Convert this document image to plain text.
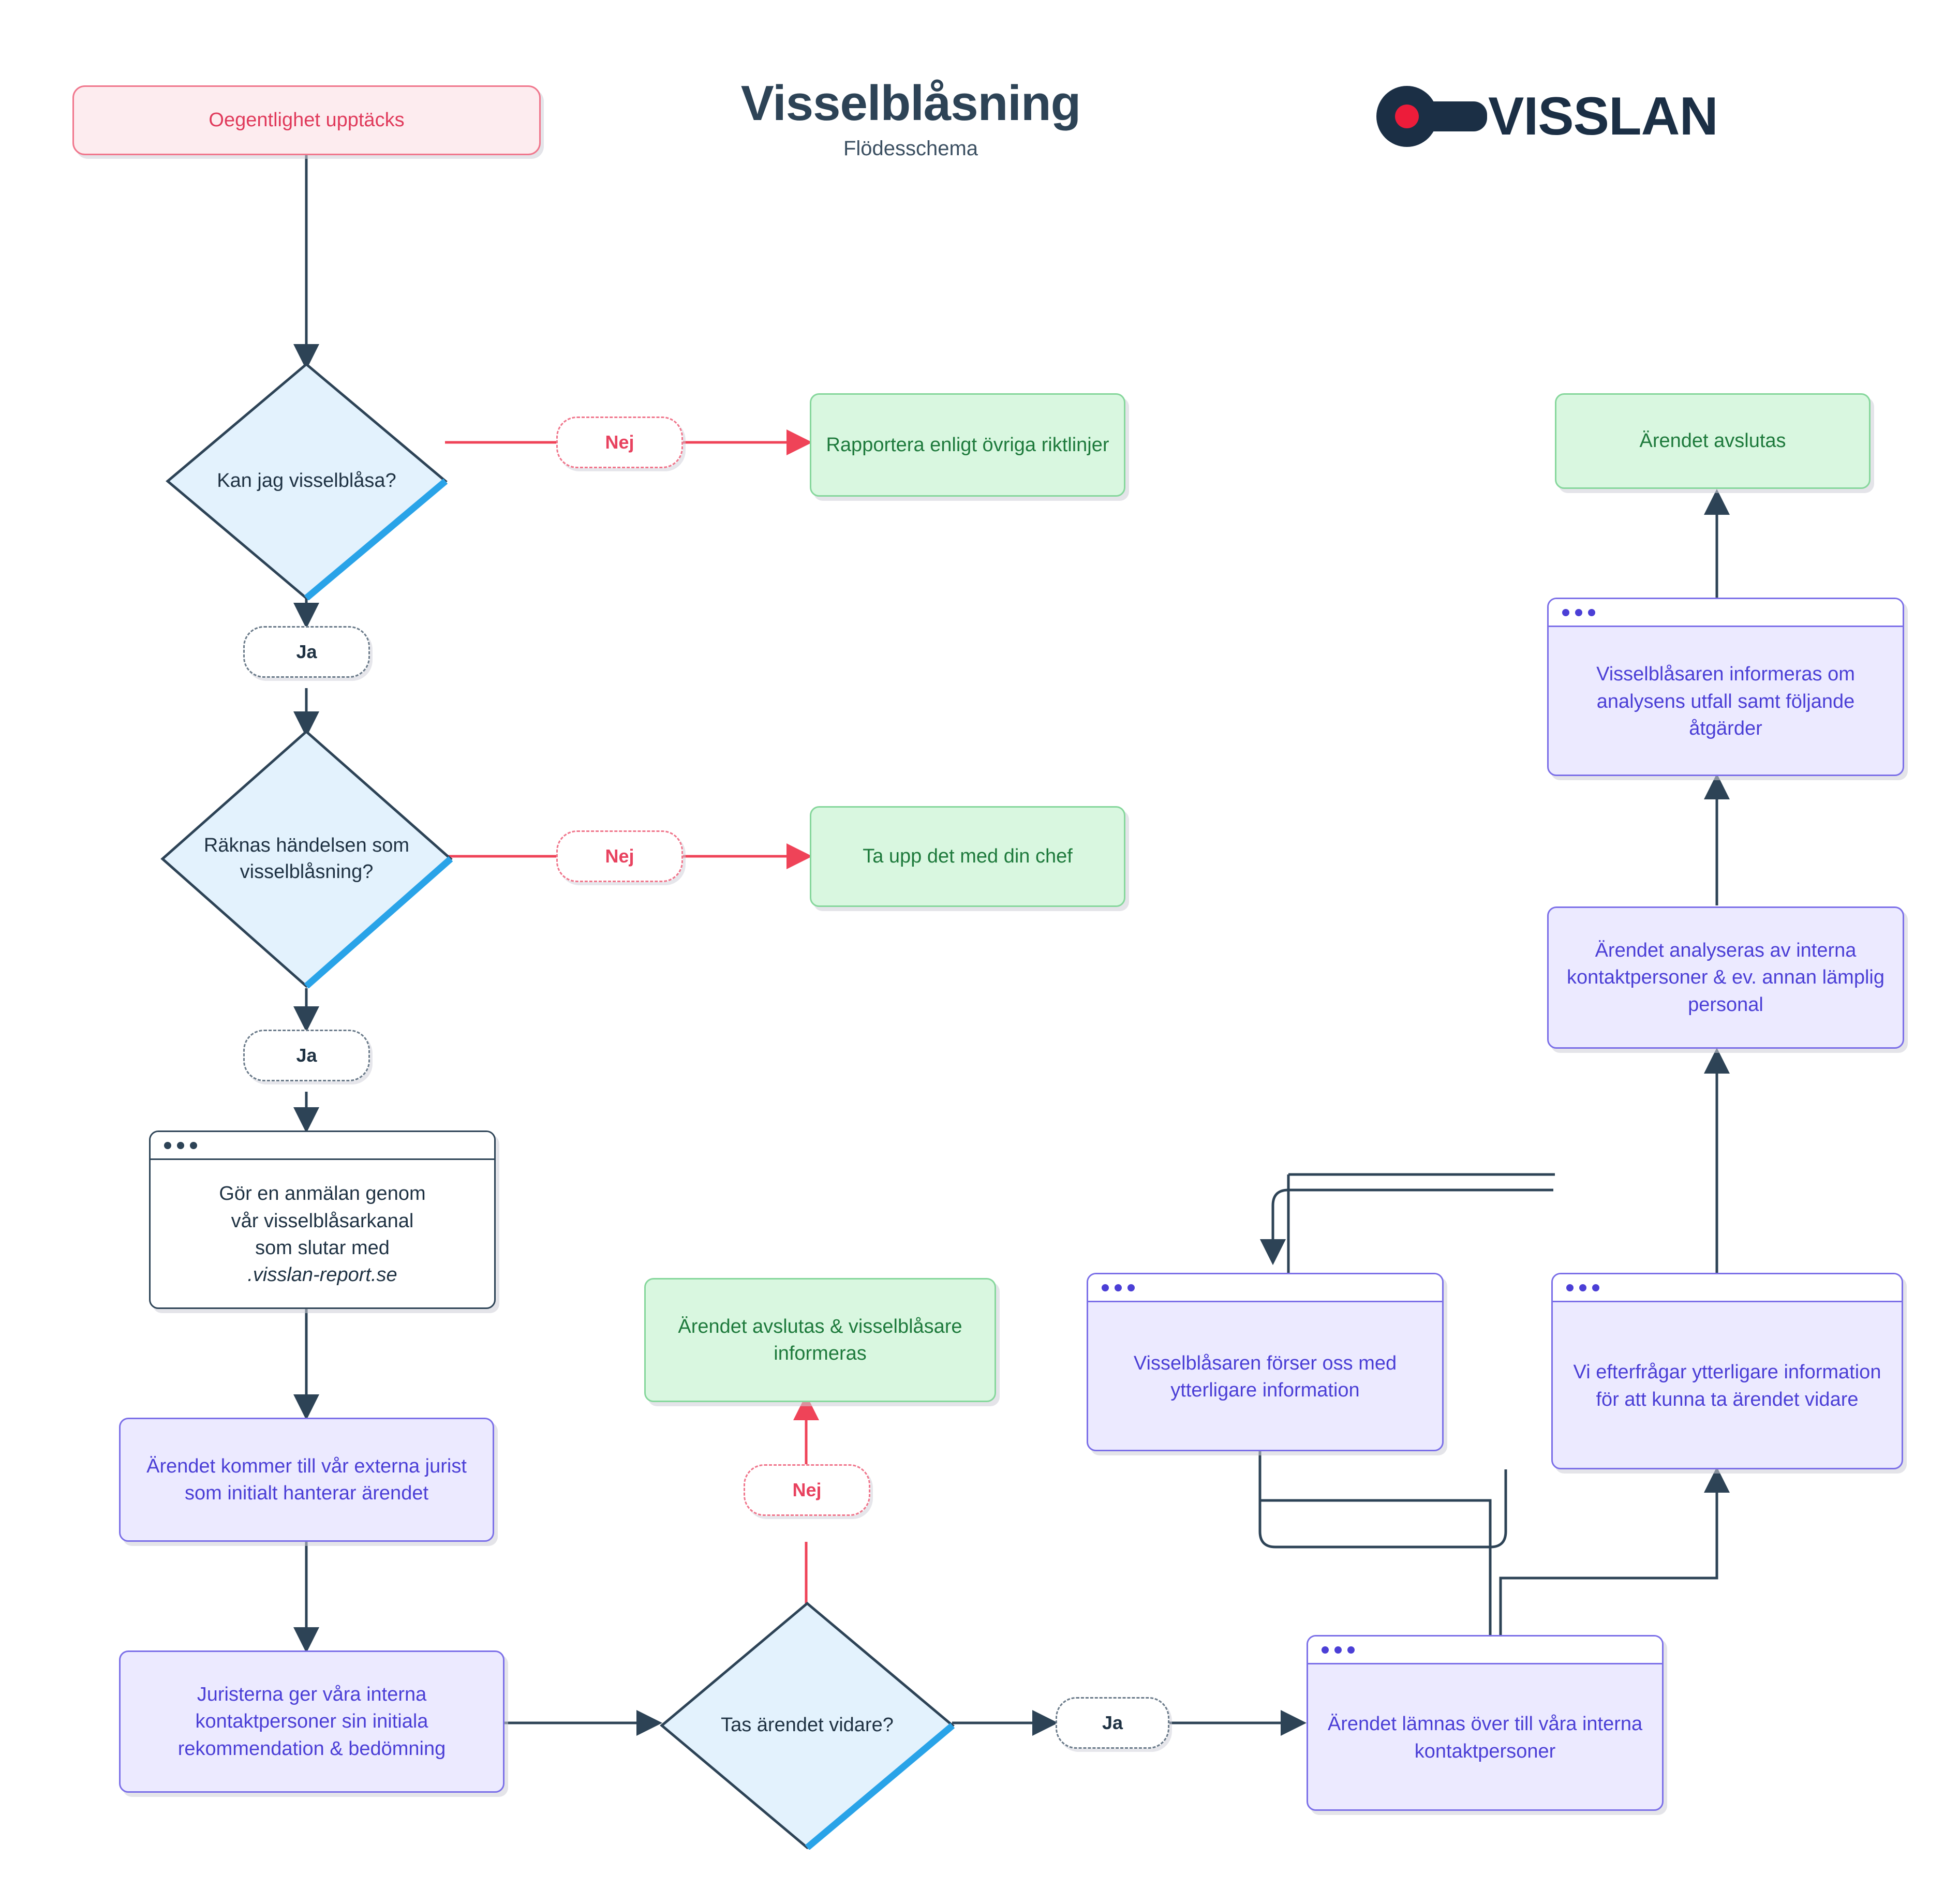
Visselblåsning
Flödesschema
VISSLAN
Oegentlighet upptäcks
Kan jag visselblåsa?
Nej	Rapportera enligt övriga riktlinjer
Ja
Räknas händelsen som visselblåsning?
Nej	Ta upp det med din chef
Ja
Gör en anmälan genom
vår visselblåsarkanal
som slutar med
.visslan-report.se
Ärendet kommer till vår externa jurist som initialt hanterar ärendet
Juristerna ger våra interna kontaktpersoner sin initiala rekommendation & bedömning
Tas ärendet vidare?
Nej
Ärendet avslutas & visselblåsare informeras
Ja	Ärendet lämnas över till våra interna kontaktpersoner
Vi efterfrågar ytterligare information för att kunna ta ärendet vidare
Visselblåsaren förser oss med ytterligare information
Ärendet analyseras av interna kontaktpersoner & ev. annan lämplig personal
Visselblåsaren informeras om analysens utfall samt följande åtgärder
Ärendet avslutas
